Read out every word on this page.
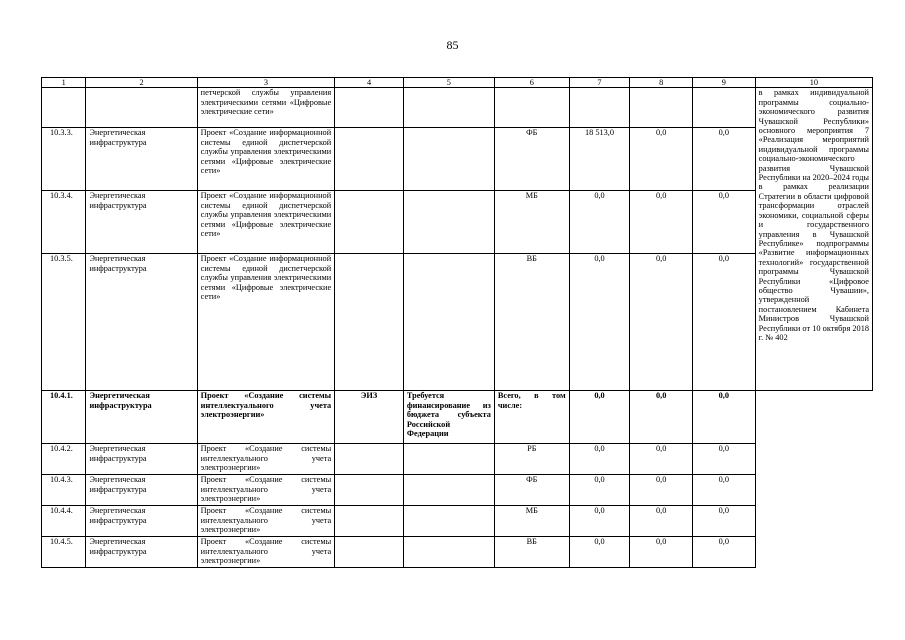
85
1	2	3	4	5	6	7	8	9	10
		петчерской службы управления электрическими сетями «Цифровые электрические сети»							в рамках индивидуальной программы социально-экономического развития Чувашской Республики» основного мероприятия 7 «Реализация мероприятий индивидуальной программы социально-экономического развития Чувашской Республики на 2020–2024 годы в рамках реализации Стратегии в области цифровой трансформации отраслей экономики, социальной сферы и государственного управления в Чувашской Республике» подпрограммы «Развитие информационных технологий» государственной программы Чувашской Республики «Цифровое общество Чувашии», утвержденной постановлением Кабинета Министров Чувашской Республики от 10 октября 2018 г. № 402
10.3.3.	Энергетическая инфраструктура	Проект «Создание информационной системы единой диспетчерской службы управления электрическими сетями «Цифровые электрические сети»			ФБ	18 513,0	0,0	0,0	
10.3.4.	Энергетическая инфраструктура	Проект «Создание информационной системы единой диспетчерской службы управления электрическими сетями «Цифровые электрические сети»			МБ	0,0	0,0	0,0	
10.3.5.	Энергетическая инфраструктура	Проект «Создание информационной системы единой диспетчерской службы управления электрическими сетями «Цифровые электрические сети»			ВБ	0,0	0,0	0,0	
10.4.1.	Энергетическая инфраструктура	Проект «Создание системы интеллектуального учета электроэнергии»	ЭИЗ	Требуется финансирование из бюджета субъекта Российской Федерации	Всего, в том числе:	0,0	0,0	0,0	
10.4.2.	Энергетическая инфраструктура	Проект «Создание системы интеллектуального учета электроэнергии»			РБ	0,0	0,0	0,0	
10.4.3.	Энергетическая инфраструктура	Проект «Создание системы интеллектуального учета электроэнергии»			ФБ	0,0	0,0	0,0	
10.4.4.	Энергетическая инфраструктура	Проект «Создание системы интеллектуального учета электроэнергии»			МБ	0,0	0,0	0,0	
10.4.5.	Энергетическая инфраструктура	Проект «Создание системы интеллектуального учета электроэнергии»			ВБ	0,0	0,0	0,0	
